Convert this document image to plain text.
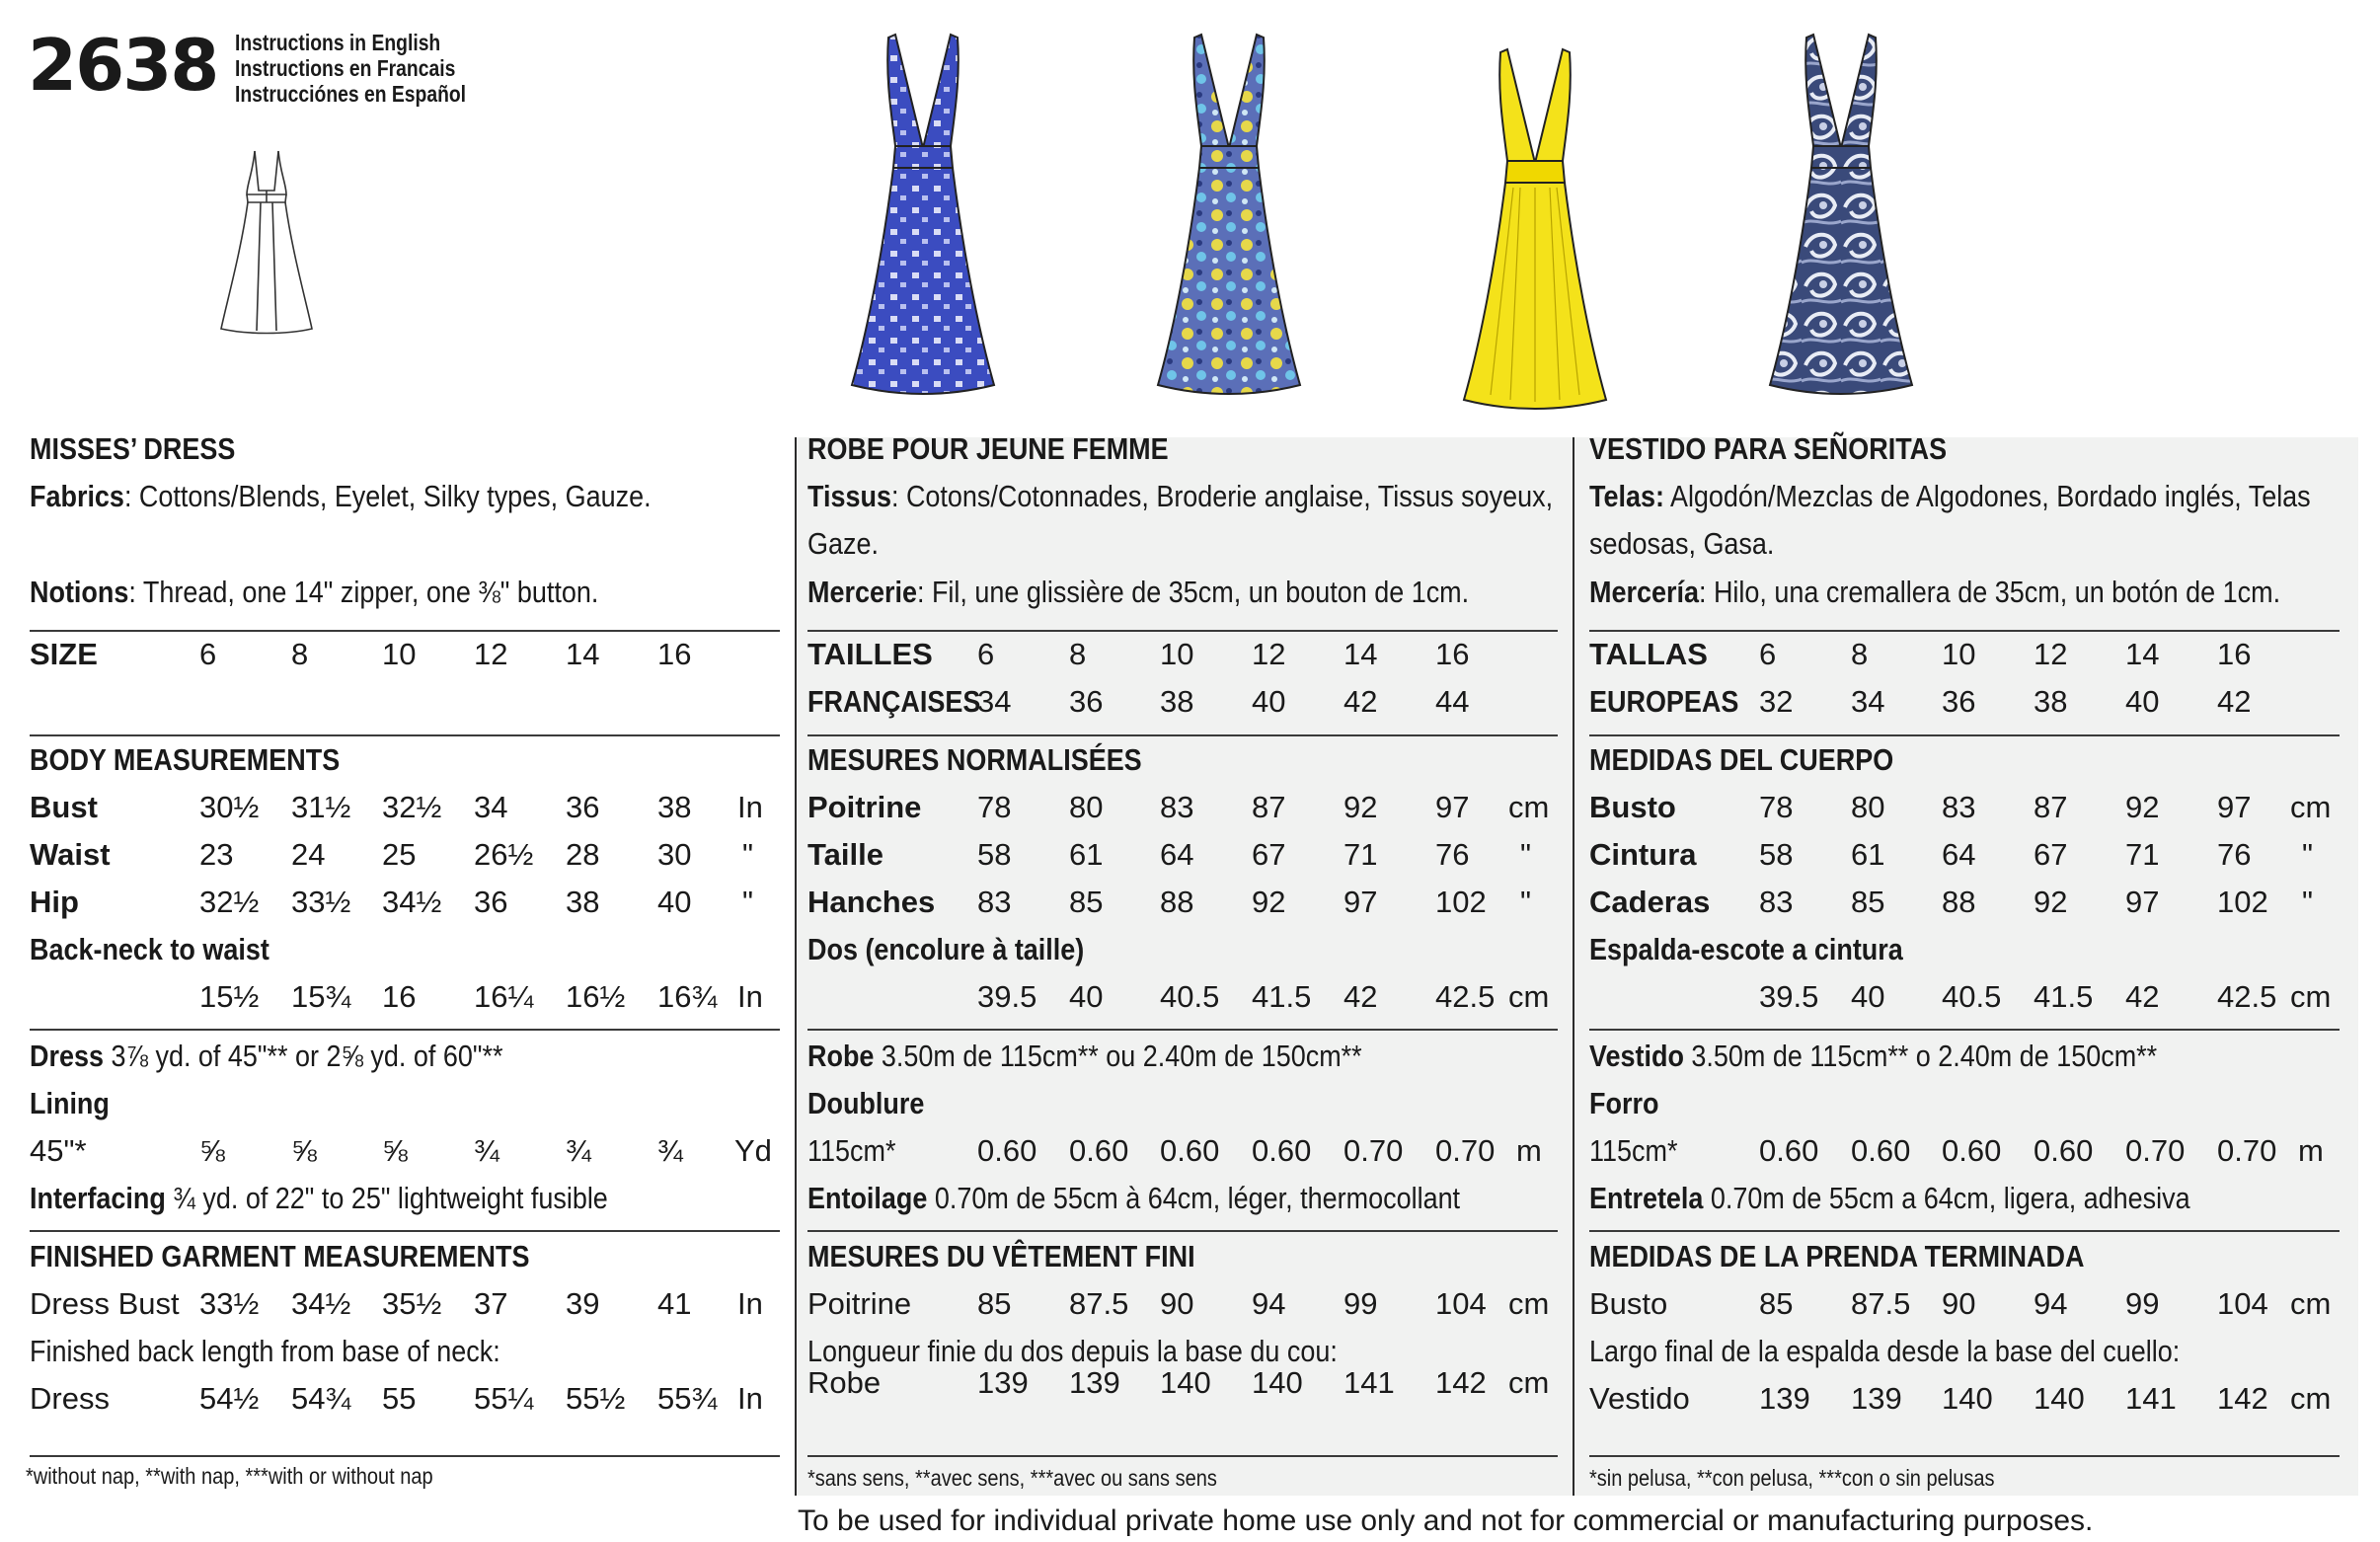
2638 Instructions in English
Instructions en Francais
Instrucciónes en Español
MISSES’ DRESS
Fabrics: Cottons/Blends, Eyelet, Silky types, Gauze.
Notions: Thread, one 14" zipper, one ⅜" button.
SIZE	6 8 10 12 14 16
BODY MEASUREMENTS
Bust	30½ 31½ 32½ 34 36 38 In
Waist	23 24 25 26½ 28 30 "
Hip	32½ 33½ 34½ 36 38 40 "
Back-neck to waist
15½ 15¾ 16 16¼ 16½ 16¾ In
Dress 3⅞ yd. of 45"** or 2⅝ yd. of 60"**
Lining
45"*	⅝ ⅝ ⅝ ¾ ¾ ¾ Yd
Interfacing ¾ yd. of 22" to 25" lightweight fusible
FINISHED GARMENT MEASUREMENTS
Dress Bust 33½ 34½ 35½ 37 39 41 In
Finished back length from base of neck:
Dress	54½ 54¾ 55 55¼ 55½ 55¾ In
*without nap, **with nap, ***with or without nap
ROBE POUR JEUNE FEMME
Tissus: Cotons/Cotonnades, Broderie anglaise, Tissus soyeux,
Gaze.
Mercerie: Fil, une glissière de 35cm, un bouton de 1cm.
TAILLES 6 8 10 12 14 16
FRANÇAISES
34 36 38 40 42 44
MESURES NORMALISÉES
Poitrine 78 80 83 87 92 97 cm
Taille	58 61 64 67 71 76 "
Hanches 83 85 88 92 97 102 "
Dos (encolure à taille)
39.5 40 40.5 41.5 42 42.5 cm
Robe 3.50m de 115cm** ou 2.40m de 150cm**
Doublure
115cm*	0.60 0.60 0.60 0.60 0.70 0.70 m
Entoilage 0.70m de 55cm à 64cm, léger, thermocollant
MESURES DU VÊTEMENT FINI
Poitrine 85 87.5 90 94 99 104 cm
Longueur finie du dos depuis la base du cou:
Robe	139 139 140 140 141 142 cm
*sans sens, **avec sens, ***avec ou sans sens
VESTIDO PARA SEÑORITAS
Telas: Algodón/Mezclas de Algodones, Bordado inglés, Telas
sedosas, Gasa.
Mercería: Hilo, una cremallera de 35cm, un botón de 1cm.
TALLAS 6 8 10 12 14 16
EUROPEAS 32 34 36 38 40 42
MEDIDAS DEL CUERPO
Busto	78 80 83 87 92 97 cm
Cintura 58 61 64 67 71 76 "
Caderas 83 85 88 92 97 102 "
Espalda-escote a cintura
39.5 40 40.5 41.5 42 42.5 cm
Vestido 3.50m de 115cm** o 2.40m de 150cm**
Forro
115cm*	0.60 0.60 0.60 0.60 0.70 0.70 m
Entretela 0.70m de 55cm a 64cm, ligera, adhesiva
MEDIDAS DE LA PRENDA TERMINADA
Busto	85 87.5 90 94 99 104 cm
Largo final de la espalda desde la base del cuello:
Vestido 139 139 140 140 141 142 cm
*sin pelusa, **con pelusa, ***con o sin pelusas
To be used for individual private home use only and not for commercial or manufacturing purposes.
